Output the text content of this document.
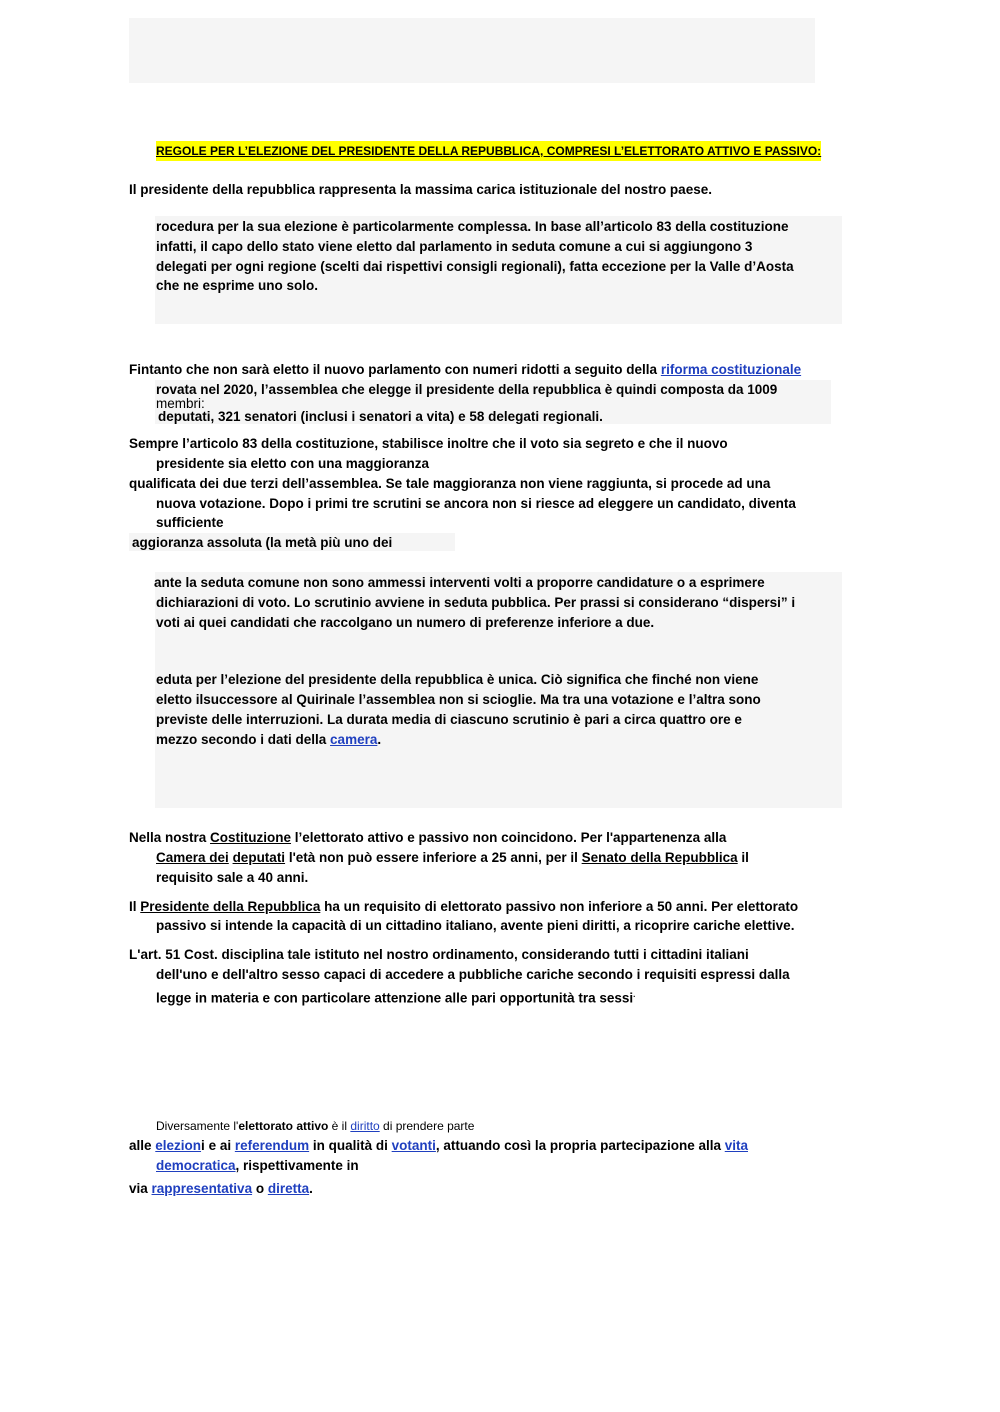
REGOLE PER L’ELEZIONE DEL PRESIDENTE DELLA REPUBBLICA, COMPRESI L’ELETTORATO ATTIVO E PASSIVO:

Il presidente della repubblica rappresenta la massima carica istituzionale del nostro paese.

rocedura per la sua elezione è particolarmente complessa. In base all’articolo 83 della costituzione

infatti, il capo dello stato viene eletto dal parlamento in seduta comune a cui si aggiungono 3

delegati per ogni regione (scelti dai rispettivi consigli regionali), fatta eccezione per la Valle d’Aosta

che ne esprime uno solo.

Fintanto che non sarà eletto il nuovo parlamento con numeri ridotti a seguito della riforma costituzionale

rovata nel 2020, l’assemblea che elegge il presidente della repubblica è quindi composta da 1009

membri:

deputati, 321 senatori (inclusi i senatori a vita) e 58 delegati regionali.

Sempre l’articolo 83 della costituzione, stabilisce inoltre che il voto sia segreto e che il nuovo

presidente sia eletto con una maggioranza

qualificata dei due terzi dell’assemblea. Se tale maggioranza non viene raggiunta, si procede ad una

nuova votazione. Dopo i primi tre scrutini se ancora non si riesce ad eleggere un candidato, diventa

sufficiente

aggioranza assoluta (la metà più uno dei

ante la seduta comune non sono ammessi interventi volti a proporre candidature o a esprimere

dichiarazioni di voto. Lo scrutinio avviene in seduta pubblica. Per prassi si considerano “dispersi” i

voti ai quei candidati che raccolgano un numero di preferenze inferiore a due.

eduta per l’elezione del presidente della repubblica è unica. Ciò significa che finché non viene

eletto ilsuccessore al Quirinale l’assemblea non si scioglie. Ma tra una votazione e l’altra sono

previste delle interruzioni. La durata media di ciascuno scrutinio è pari a circa quattro ore e

mezzo secondo i dati della camera.

Nella nostra Costituzione l’elettorato attivo e passivo non coincidono. Per l'appartenenza alla

Camera dei deputati l'età non può essere inferiore a 25 anni, per il Senato della Repubblica il

requisito sale a 40 anni.

Il Presidente della Repubblica ha un requisito di elettorato passivo non inferiore a 50 anni. Per elettorato

passivo si intende la capacità di un cittadino italiano, avente pieni diritti, a ricoprire cariche elettive.

L'art. 51 Cost. disciplina tale istituto nel nostro ordinamento, considerando tutti i cittadini italiani

dell'uno e dell'altro sesso capaci di accedere a pubbliche cariche secondo i requisiti espressi dalla

legge in materia e con particolare attenzione alle pari opportunità tra sessi.

Diversamente l'elettorato attivo è il diritto di prendere parte

alle elezioni e ai referendum in qualità di votanti, attuando così la propria partecipazione alla vita

democratica, rispettivamente in

via rappresentativa o diretta.
